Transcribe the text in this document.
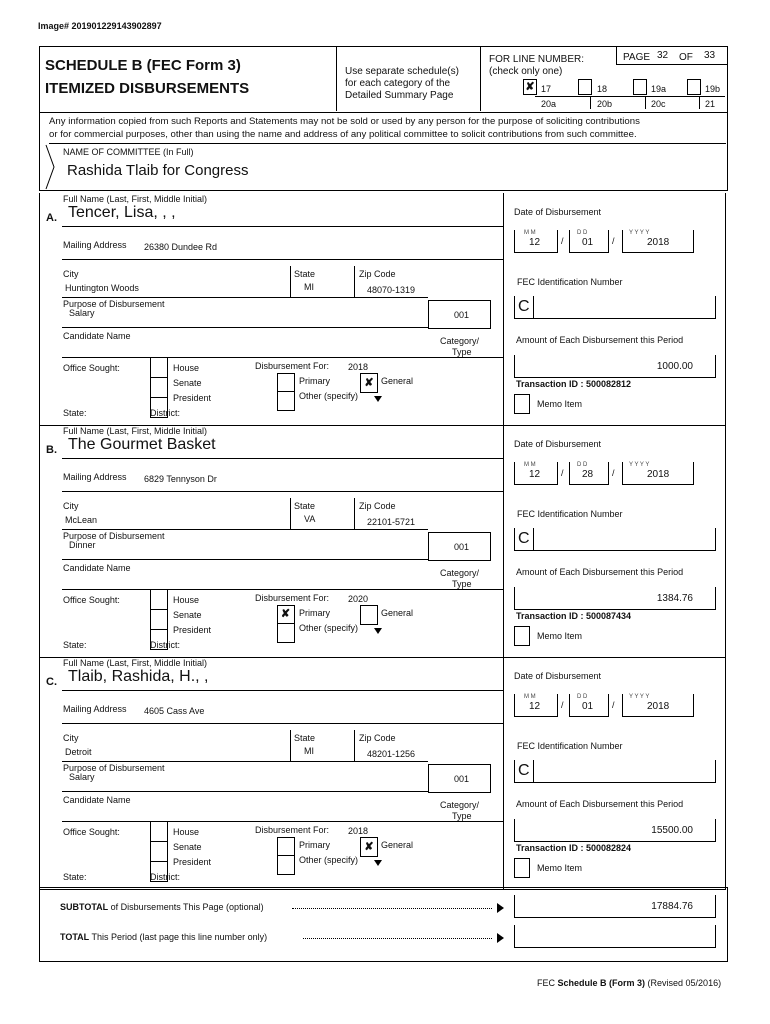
Image# 201901229143902897
SCHEDULE B (FEC Form 3)
ITEMIZED DISBURSEMENTS
Use separate schedule(s)
for each category of the
Detailed Summary Page
FOR LINE NUMBER:
(check only one)
PAGE 32 OF 33
✘ 17	18	19a	19b
20a	20b	20c	21
Any information copied from such Reports and Statements may not be sold or used by any person for the purpose of soliciting contributions
or for commercial purposes, other than using the name and address of any political committee to solicit contributions from such committee.
NAME OF COMMITTEE (In Full)
Rashida Tlaib for Congress
Full Name (Last, First, Middle Initial)
A. Tencer, Lisa, , ,
Mailing Address 26380 Dundee Rd
City	State	Zip Code
Huntington Woods	MI	48070-1319
Purpose of Disbursement
Salary	001
Candidate Name	Category/
Type
Office Sought:	House
Senate
President
State:	District:
Disbursement For: 2018
Primary
Other (specify)
✘ General
Date of Disbursement
M M
12 /
D D
01 /
Y Y Y Y
2018
FEC Identification Number
C
Amount of Each Disbursement this Period
1000.00
Transaction ID : 500082812
Memo Item
Full Name (Last, First, Middle Initial)
B. The Gourmet Basket
Mailing Address 6829 Tennyson Dr
City	State	Zip Code
McLean	VA	22101-5721
Purpose of Disbursement
Dinner	001
Candidate Name	Category/
Type
Office Sought:	House
Senate
President
State:	District:
Disbursement For: 2020
✘ Primary
Other (specify)
General
Date of Disbursement
M M
12 /
D D
28 /
Y Y Y Y
2018
FEC Identification Number
C
Amount of Each Disbursement this Period
1384.76
Transaction ID : 500087434
Memo Item
Full Name (Last, First, Middle Initial)
C. Tlaib, Rashida, H., ,
Mailing Address 4605 Cass Ave
City	State	Zip Code
Detroit	MI	48201-1256
Purpose of Disbursement
Salary	001
Candidate Name	Category/
Type
Office Sought:	House
Senate
President
State:	District:
Disbursement For: 2018
Primary
Other (specify)
✘ General
Date of Disbursement
M M
12 /
D D
01 /
Y Y Y Y
2018
FEC Identification Number
C
Amount of Each Disbursement this Period
15500.00
Transaction ID : 500082824
Memo Item
SUBTOTAL of Disbursements This Page (optional)	17884.76
TOTAL This Period (last page this line number only)
FEC Schedule B (Form 3) (Revised 05/2016)
